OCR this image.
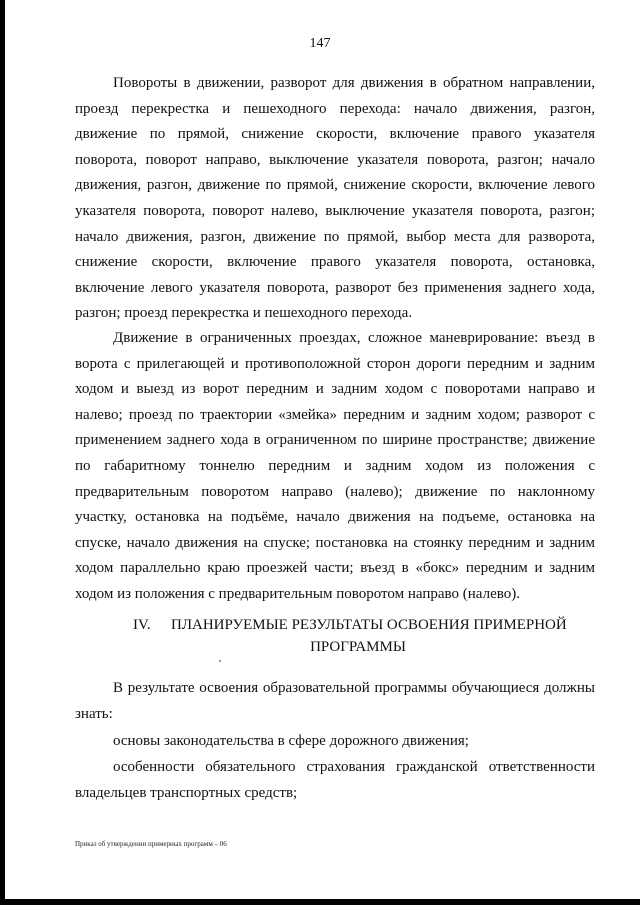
147

Повороты в движении, разворот для движения в обратном направлении, проезд перекрестка и пешеходного перехода: начало движения, разгон, движение по прямой, снижение скорости, включение правого указателя поворота, поворот направо, выключение указателя поворота, разгон; начало движения, разгон, движение по прямой, снижение скорости, включение левого указателя поворота, поворот налево, выключение указателя поворота, разгон; начало движения, разгон, движение по прямой, выбор места для разворота, снижение скорости, включение правого указателя поворота, остановка, включение левого указателя поворота, разворот без применения заднего хода, разгон; проезд перекрестка и пешеходного перехода.

Движение в ограниченных проездах, сложное маневрирование: въезд в ворота с прилегающей и противоположной сторон дороги передним и задним ходом и выезд из ворот передним и задним ходом с поворотами направо и налево; проезд по траектории «змейка» передним и задним ходом; разворот с применением заднего хода в ограниченном по ширине пространстве; движение по габаритному тоннелю передним и задним ходом из положения с предварительным поворотом направо (налево); движение по наклонному участку, остановка на подъёме, начало движения на подъеме, остановка на спуске, начало движения на спуске; постановка на стоянку передним и задним ходом параллельно краю проезжей части; въезд в «бокс» передним и задним ходом из положения с предварительным поворотом направо (налево).

IV.	ПЛАНИРУЕМЫЕ РЕЗУЛЬТАТЫ ОСВОЕНИЯ ПРИМЕРНОЙ
ПРОГРАММЫ

В результате освоения образовательной программы обучающиеся должны знать:

основы законодательства в сфере дорожного движения;

особенности обязательного страхования гражданской ответственности владельцев транспортных средств;

Приказ об утверждении примерных программ – 06
